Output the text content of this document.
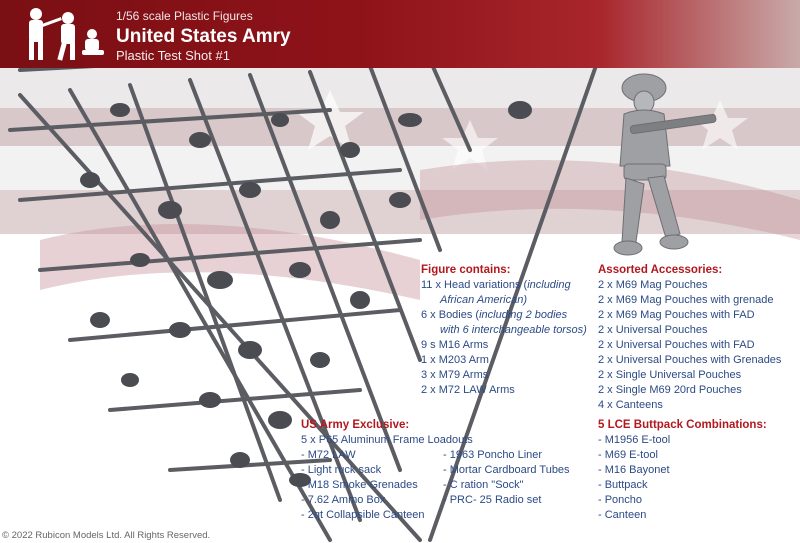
1/56 scale Plastic Figures
United States Amry
Plastic Test Shot #1
Figure contains:
11 x Head variations (including
African American)
6 x Bodies (including 2 bodies
with 6 interchangeable torsos)
9 s M16 Arms
1 x M203 Arm
3 x M79 Arms
2 x M72 LAW Arms
Assorted Accessories:
2 x M69 Mag Pouches
2 x M69 Mag Pouches with grenade
2 x M69 Mag Pouches with FAD
2 x Universal Pouches
2 x Universal Pouches with FAD
2 x Universal Pouches with Grenades
2 x Single Universal Pouches
2 x Single M69 20rd Pouches
4 x Canteens
US Army Exclusive:
5 x P65 Aluminum Frame Loadouts
- M72 LAW
- Light ruck sack
- M18 Smoke Grenades
- 7.62 Ammo Box
- 2qt Collapsible Canteen
- 1963 Poncho Liner
- Mortar Cardboard Tubes
- C ration "Sock"
- PRC- 25 Radio set
5 LCE Buttpack Combinations:
- M1956 E-tool
- M69 E-tool
- M16 Bayonet
- Buttpack
- Poncho
- Canteen
© 2022 Rubicon Models Ltd. All Rights Reserved.
